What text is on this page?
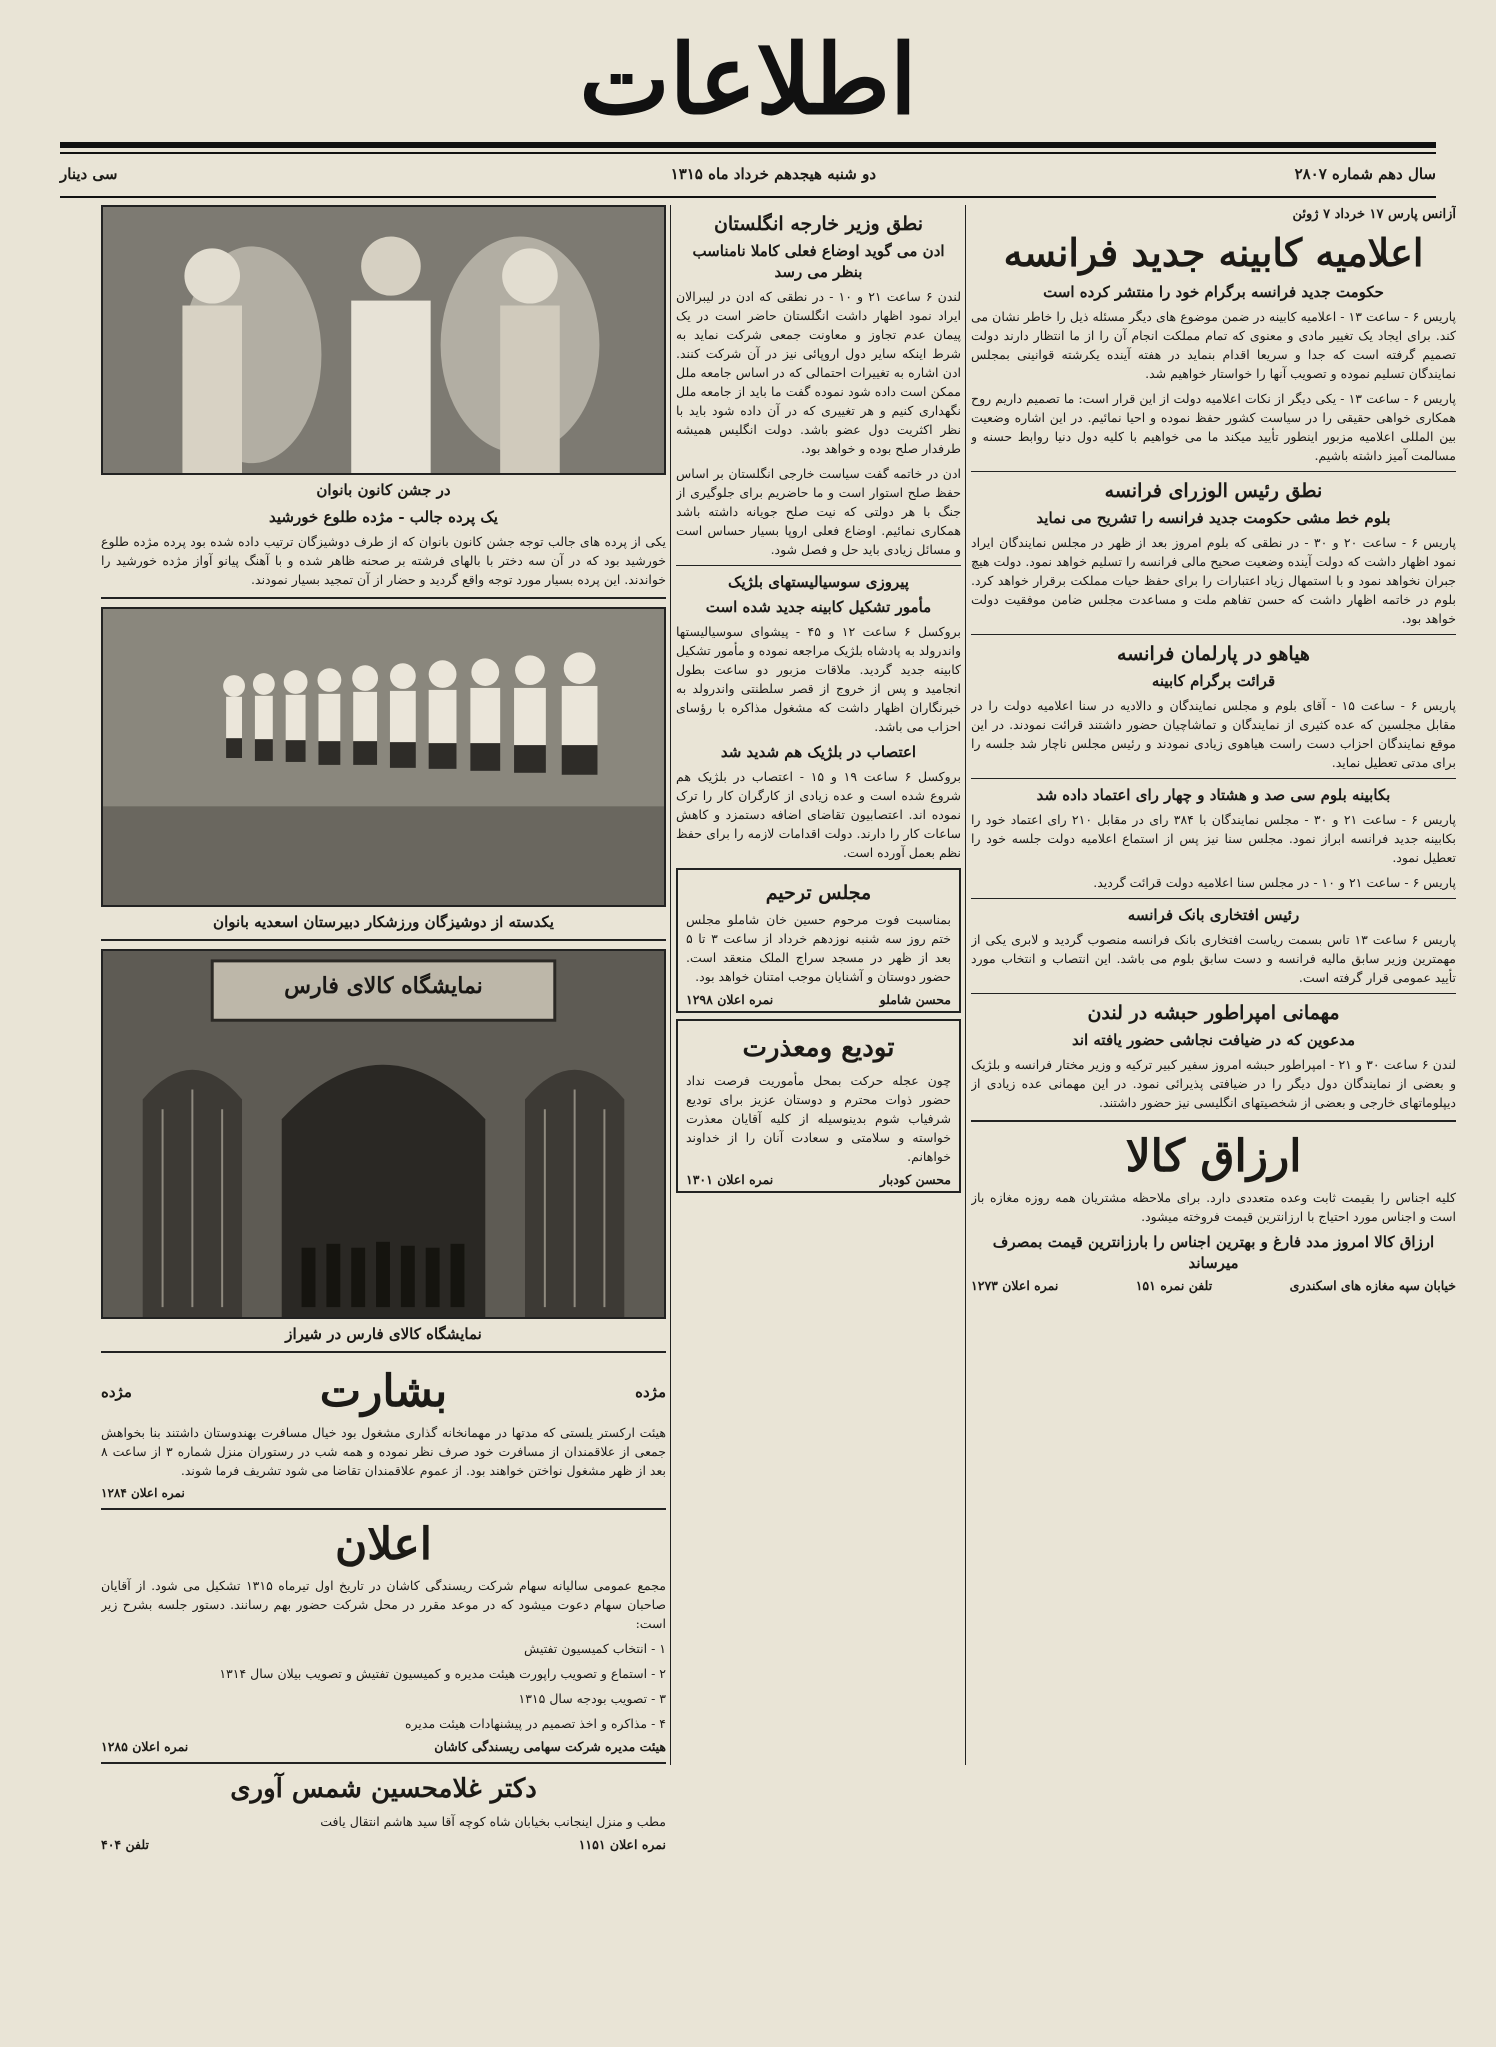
اطلاعات
سال دهم شماره ۲۸۰۷
دو شنبه هیجدهم خرداد ماه ۱۳۱۵
سی دینار
آزانس پارس ۱۷ خرداد ۷ ژوئن
اعلامیه کابینه جدید فرانسه
حکومت جدید فرانسه برگرام خود را منتشر کرده است

پاریس ۶ - ساعت ۱۳ - اعلامیه کابینه در ضمن موضوع های دیگر مسئله ذیل را خاطر نشان می کند. برای ایجاد یک تغییر مادی و معنوی که تمام مملکت انجام آن را از ما انتظار دارند دولت تصمیم گرفته است که جدا و سریعا اقدام بنماید در هفته آینده یکرشته قوانینی بمجلس نمایندگان تسلیم نموده و تصویب آنها را خواستار خواهیم شد.

پاریس ۶ - ساعت ۱۳ - یکی دیگر از نکات اعلامیه دولت از این قرار است: ما تصمیم داریم روح همکاری خواهی حقیقی را در سیاست کشور حفظ نموده و احیا نمائیم. در این اشاره وضعیت بین المللی اعلامیه مزبور اینطور تأیید میکند ما می خواهیم با کلیه دول دنیا روابط حسنه و مسالمت آمیز داشته باشیم.

نطق رئیس الوزرای فرانسه
بلوم خط مشی حکومت جدید فرانسه را تشریح می نماید

پاریس ۶ - ساعت ۲۰ و ۳۰ - در نطقی که بلوم امروز بعد از ظهر در مجلس نمایندگان ایراد نمود اظهار داشت که دولت آینده وضعیت صحیح مالی فرانسه را تسلیم خواهد نمود. دولت هیچ جبران نخواهد نمود و با استمهال زیاد اعتبارات را برای حفظ حیات مملکت برقرار خواهد کرد. بلوم در خاتمه اظهار داشت که حسن تفاهم ملت و مساعدت مجلس ضامن موفقیت دولت خواهد بود.

هیاهو در پارلمان فرانسه
قرائت برگرام کابینه

پاریس ۶ - ساعت ۱۵ - آقای بلوم و مجلس نمایندگان و دالادیه در سنا اعلامیه دولت را در مقابل مجلسین که عده کثیری از نمایندگان و تماشاچیان حضور داشتند قرائت نمودند. در این موقع نمایندگان احزاب دست راست هیاهوی زیادی نمودند و رئیس مجلس ناچار شد جلسه را برای مدتی تعطیل نماید.

بکابینه بلوم سی صد و هشتاد و چهار رای اعتماد داده شد

پاریس ۶ - ساعت ۲۱ و ۳۰ - مجلس نمایندگان با ۳۸۴ رای در مقابل ۲۱۰ رای اعتماد خود را بکابینه جدید فرانسه ابراز نمود. مجلس سنا نیز پس از استماع اعلامیه دولت جلسه خود را تعطیل نمود.

پاریس ۶ - ساعت ۲۱ و ۱۰ - در مجلس سنا اعلامیه دولت قرائت گردید.

رئیس افتخاری بانک فرانسه

پاریس ۶ ساعت ۱۳ تاس بسمت ریاست افتخاری بانک فرانسه منصوب گردید و لابری یکی از مهمترین وزیر سابق ماليه فرانسه و دست سابق بلوم می باشد. این انتصاب و انتخاب مورد تأیید عمومی قرار گرفته است.

مهمانی امپراطور حبشه در لندن
مدعوین که در ضیافت نجاشی حضور یافته اند

لندن ۶ ساعت ۳۰ و ۲۱ - امپراطور حبشه امروز سفیر کبیر ترکیه و وزیر مختار فرانسه و بلژیک و بعضی از نمایندگان دول دیگر را در ضیافتی پذیرائی نمود. در این مهمانی عده زیادی از دیپلوماتهای خارجی و بعضی از شخصیتهای انگلیسی نیز حضور داشتند.

ارزاق کالا

کلیه اجناس را بقیمت ثابت وعده متعددی دارد. برای ملاحظه مشتریان همه روزه مغازه باز است و اجناس مورد احتیاج با ارزانترین قیمت فروخته میشود.

ارزاق کالا امروز مدد فارغ و بهترین اجناس را بارزانترین قیمت بمصرف میرساند
خیابان سپه مغازه های اسکندری
تلفن نمره ۱۵۱
نمره اعلان ۱۲۷۳
نطق وزیر خارجه انگلستان
ادن می گوید اوضاع فعلی کاملا نامناسب بنظر می رسد

لندن ۶ ساعت ۲۱ و ۱۰ - در نطقی که ادن در لیبرالان ایراد نمود اظهار داشت انگلستان حاضر است در یک پیمان عدم تجاوز و معاونت جمعی شرکت نماید به شرط اینکه سایر دول اروپائی نیز در آن شرکت کنند. ادن اشاره به تغییرات احتمالی که در اساس جامعه ملل ممکن است داده شود نموده گفت ما باید از جامعه ملل نگهداری کنیم و هر تغییری که در آن داده شود باید با نظر اکثریت دول عضو باشد. دولت انگلیس همیشه طرفدار صلح بوده و خواهد بود.

ادن در خاتمه گفت سیاست خارجی انگلستان بر اساس حفظ صلح استوار است و ما حاضریم برای جلوگیری از جنگ با هر دولتی که نیت صلح جویانه داشته باشد همکاری نمائیم. اوضاع فعلی اروپا بسیار حساس است و مسائل زیادی باید حل و فصل شود.

پیروزی سوسیالیستهای بلژیک
مأمور تشکیل کابینه جدید شده است

بروکسل ۶ ساعت ۱۲ و ۴۵ - پیشوای سوسیالیستها واندرولد به پادشاه بلژیک مراجعه نموده و مأمور تشکیل کابینه جدید گردید. ملاقات مزبور دو ساعت بطول انجامید و پس از خروج از قصر سلطنتی واندرولد به خبرنگاران اظهار داشت که مشغول مذاکره با رؤسای احزاب می باشد.

اعتصاب در بلژیک هم شدید شد

بروکسل ۶ ساعت ۱۹ و ۱۵ - اعتصاب در بلژیک هم شروع شده است و عده زیادی از کارگران کار را ترک نموده اند. اعتصابیون تقاضای اضافه دستمزد و کاهش ساعات کار را دارند. دولت اقدامات لازمه را برای حفظ نظم بعمل آورده است.

مجلس ترحیم

بمناسبت فوت مرحوم حسین خان شاملو مجلس ختم روز سه شنبه نوزدهم خرداد از ساعت ۳ تا ۵ بعد از ظهر در مسجد سراج الملک منعقد است. حضور دوستان و آشنایان موجب امتنان خواهد بود.

محسن شاملو
نمره اعلان ۱۲۹۸
تودیع ومعذرت

چون عجله حرکت بمحل مأموریت فرصت نداد حضور ذوات محترم و دوستان عزیز برای تودیع شرفیاب شوم بدینوسیله از کلیه آقایان معذرت خواسته و سلامتی و سعادت آنان را از خداوند خواهانم.

محسن کودبار
نمره اعلان ۱۳۰۱
در جشن کانون بانوان
یک پرده جالب - مژده طلوع خورشید

یکی از پرده های جالب توجه جشن کانون بانوان که از طرف دوشیزگان ترتیب داده شده بود پرده مژده طلوع خورشید بود که در آن سه دختر با بالهای فرشته بر صحنه ظاهر شده و با آهنگ پیانو آواز مژده خورشید را خواندند. این پرده بسیار مورد توجه واقع گردید و حضار از آن تمجید بسیار نمودند.

یکدسته از دوشیزگان ورزشکار دبیرستان اسعدیه بانوان
نمایشگاه کالای فارس
نمایشگاه کالای فارس در شیراز
مژده
بشارت
مژده

هیئت ارکستر یلستی که مدتها در مهمانخانه گذاری مشغول بود خیال مسافرت بهندوستان داشتند بنا بخواهش جمعی از علاقمندان از مسافرت خود صرف نظر نموده و همه شب در رستوران منزل شماره ۳ از ساعت ۸ بعد از ظهر مشغول نواختن خواهند بود. از عموم علاقمندان تقاضا می شود تشریف فرما شوند.

نمره اعلان ۱۲۸۴
اعلان

مجمع عمومی سالیانه سهام شرکت ریسندگی کاشان در تاریخ اول تیرماه ۱۳۱۵ تشکیل می شود. از آقایان صاحبان سهام دعوت میشود که در موعد مقرر در محل شرکت حضور بهم رسانند. دستور جلسه بشرح زیر است:

۱ - انتخاب کمیسیون تفتیش
۲ - استماع و تصویب راپورت هیئت مدیره و کمیسیون تفتیش و تصویب بیلان سال ۱۳۱۴
۳ - تصویب بودجه سال ۱۳۱۵
۴ - مذاکره و اخذ تصمیم در پیشنهادات هیئت مدیره
هیئت مدیره شرکت سهامی ریسندگی کاشان
نمره اعلان ۱۲۸۵
دکتر غلامحسین شمس آوری

مطب و منزل اینجانب بخیابان شاه کوچه آقا سید هاشم انتقال یافت

نمره اعلان ۱۱۵۱
تلفن ۴۰۴
